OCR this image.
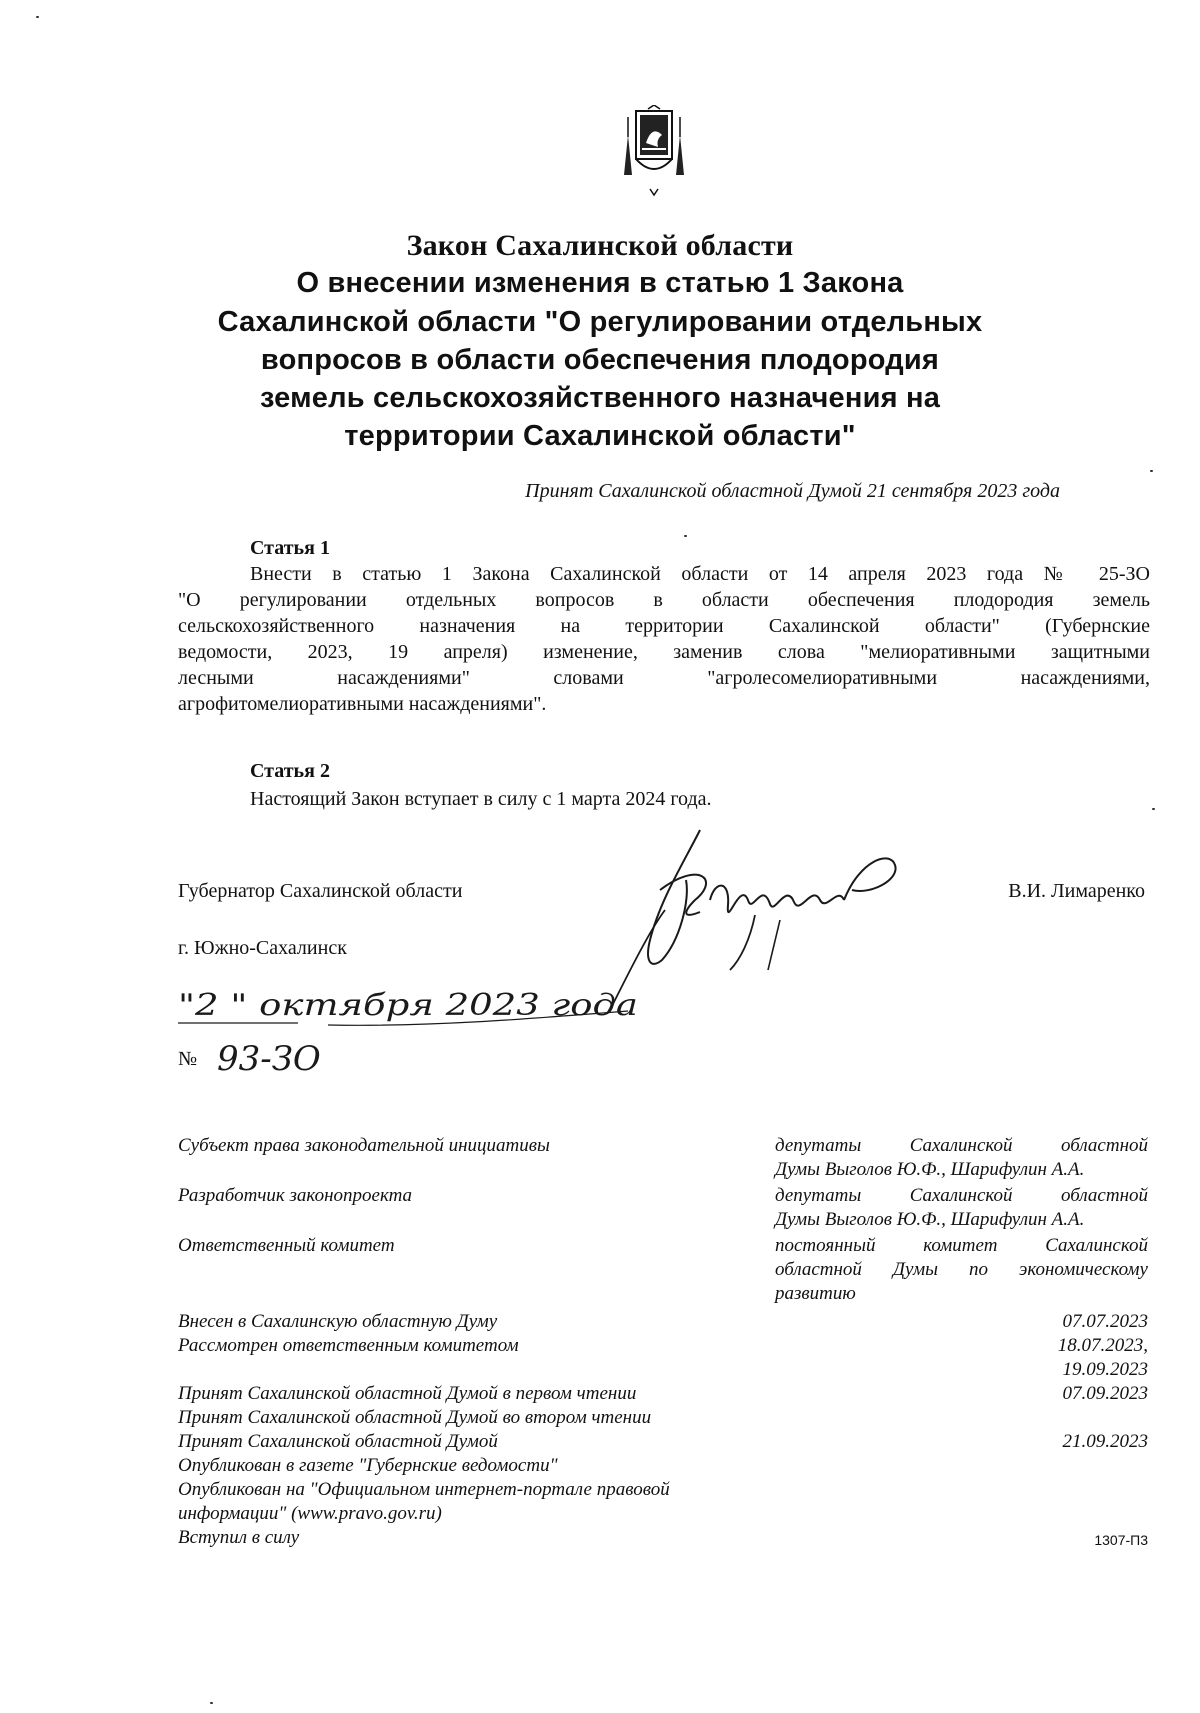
Закон Сахалинской области
О внесении изменения в статью 1 Закона
Сахалинской области "О регулировании отдельных
вопросов в области обеспечения плодородия
земель сельскохозяйственного назначения на
территории Сахалинской области"
Принят Сахалинской областной Думой 21 сентября 2023 года
Статья 1
Внести в статью 1 Закона Сахалинской области от 14 апреля 2023 года № 25-ЗО
"О регулировании отдельных вопросов в области обеспечения плодородия земель
сельскохозяйственного назначения на территории Сахалинской области" (Губернские
ведомости, 2023, 19 апреля) изменение, заменив слова "мелиоративными защитными
лесными насаждениями" словами "агролесомелиоративными насаждениями,
агрофитомелиоративными насаждениями".
Статья 2
Настоящий Закон вступает в силу с 1 марта 2024 года.
Губернатор Сахалинской области	В.И. Лимаренко
г. Южно-Сахалинск
"2 " октября 2023 года
№ 93-ЗО
Субъект права законодательной инициативы	депутаты Сахалинской областной
Думы Выголов Ю.Ф., Шарифулин А.А.
Разработчик законопроекта	депутаты Сахалинской областной
Думы Выголов Ю.Ф., Шарифулин А.А.
Ответственный комитет	постоянный комитет Сахалинской
областной Думы по экономическому
развитию
Внесен в Сахалинскую областную Думу	07.07.2023
Рассмотрен ответственным комитетом	18.07.2023,
19.09.2023
Принят Сахалинской областной Думой в первом чтении	07.09.2023
Принят Сахалинской областной Думой во втором чтении
Принят Сахалинской областной Думой	21.09.2023
Опубликован в газете "Губернские ведомости"
Опубликован на "Официальном интернет-портале правовой
информации" (www.pravo.gov.ru)
Вступил в силу	1307-П3
